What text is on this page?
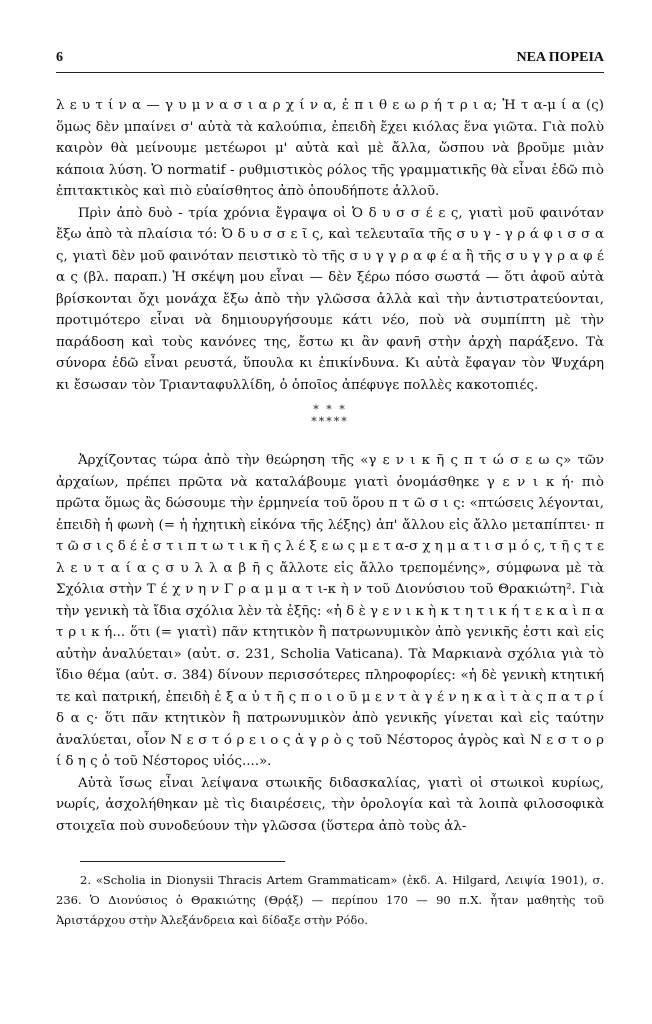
6	ΝΕΑ ΠΟΡΕΙΑ

λ ε υ τ ί ν α — γ υ μ ν α σ ι α ρ χ ί ν α, ἐ π ι θ ε ω ρ ή τ ρ ι α; Ἡ τ α-μ ί α (ς) ὅμως δὲν μπαίνει σ' αὐτὰ τὰ καλούπια, ἐπειδὴ ἔχει κιόλας ἕνα γιῶτα. Γιὰ πολὺ καιρὸν θὰ μείνουμε μετέωροι μ' αὐτὰ καὶ μὲ ἄλλα, ὥσπου νὰ βροῦμε μιὰν κάποια λύση. Ὁ normatif - ρυθμιστικὸς ρόλος τῆς γραμματικῆς θὰ εἶναι ἐδῶ πιὸ ἐπιτακτικὸς καὶ πιὸ εὐαίσθητος ἀπὸ ὁπουδήποτε ἀλλοῦ.

Πρὶν ἀπὸ δυὸ - τρία χρόνια ἔγραψα οἱ Ὀ δ υ σ σ έ ε ς, γιατὶ μοῦ φαινόταν ἔξω ἀπὸ τὰ πλαίσια τό: Ὀ δ υ σ σ ε ῖ ς, καὶ τελευταῖα τῆς σ υ γ - γ ρ ά φ ι σ σ α ς, γιατὶ δὲν μοῦ φαινόταν πειστικὸ τὸ τῆς σ υ γ γ ρ α φ έ α ἢ τῆς σ υ γ γ ρ α φ έ α ς (βλ. παραπ.) Ἡ σκέψη μου εἶναι — δὲν ξέρω πόσο σωστά — ὅτι ἀφοῦ αὐτὰ βρίσκονται ὄχι μονάχα ἔξω ἀπὸ τὴν γλῶσσα ἀλλὰ καὶ τὴν ἀντιστρατεύονται, προτιμότερο εἶναι νὰ δημιουργήσουμε κάτι νέο, ποὺ νὰ συμπίπτη μὲ τὴν παράδοση καὶ τοὺς κανόνες της, ἔστω κι ἂν φανῆ στὴν ἀρχὴ παράξενο. Τὰ σύνορα ἐδῶ εἶναι ρευστά, ὕπουλα κι ἐπικίνδυνα. Κι αὐτὰ ἔφαγαν τὸν Ψυχάρη κι ἔσωσαν τὸν Τριανταφυλλίδη, ὁ ὁποῖος ἀπέφυγε πολλὲς κακοτοπιές.

* * *
*****

Ἀρχίζοντας τώρα ἀπὸ τὴν θεώρηση τῆς «γ ε ν ι κ ῆ ς π τ ώ σ ε ω ς» τῶν ἀρχαίων, πρέπει πρῶτα νὰ καταλάβουμε γιατὶ ὀνομάσθηκε γ ε ν ι κ ή· πιὸ πρῶτα ὅμως ἂς δώσουμε τὴν ἑρμηνεία τοῦ ὅρου π τ ῶ σ ι ς: «πτώσεις λέγονται, ἐπειδὴ ἡ φωνὴ (= ἡ ἠχητικὴ εἰκόνα τῆς λέξης) ἀπ' ἄλλου εἰς ἄλλο μεταπίπτει· π τ ῶ σ ι ς δ έ ἐ σ τ ι π τ ω τ ι κ ῆ ς λ έ ξ ε ω ς μ ε τ α-σ χ η μ α τ ι σ μ ό ς, τ ῆ ς τ ε λ ε υ τ α ί α ς σ υ λ λ α β ῆ ς ἄλλοτε εἰς ἄλλο τρεπομένης», σύμφωνα μὲ τὰ Σχόλια στὴν Τ έ χ ν η ν Γ ρ α μ μ α τ ι-κ ὴ ν τοῦ Διονύσιου τοῦ Θρακιώτη². Γιὰ τὴν γενικὴ τὰ ἴδια σχόλια λὲν τὰ ἑξῆς: «ἡ δ ὲ γ ε ν ι κ ὴ κ τ η τ ι κ ή τ ε κ α ὶ π α τ ρ ι κ ή... ὅτι (= γιατὶ) πᾶν κτητικὸν ἢ πατρωνυμικὸν ἀπὸ γενικῆς ἐστι καὶ εἰς αὐτὴν ἀναλύεται» (αὐτ. σ. 231, Scholia Vaticana). Τὰ Μαρκιανὰ σχόλια γιὰ τὸ ἴδιο θέμα (αὐτ. σ. 384) δίνουν περισσότερες πληροφορίες: «ἡ δὲ γενικὴ κτητική τε καὶ πατρική, ἐπειδὴ ἐ ξ α ὐ τ ῆ ς π ο ι ο ῦ μ ε ν τ ὰ γ έ ν η κ α ὶ τ ὰ ς π α τ ρ ί δ α ς· ὅτι πᾶν κτητικὸν ἢ πατρωνυμικὸν ἀπὸ γενικῆς γίνεται καὶ εἰς ταύτην ἀναλύεται, οἷον Ν ε σ τ ό ρ ε ι ο ς ἀ γ ρ ὸ ς τοῦ Νέστορος ἀγρὸς καὶ Ν ε σ τ ο ρ ί δ η ς ὁ τοῦ Νέστορος υἱός....».

Αὐτὰ ἴσως εἶναι λείψανα στωικῆς διδασκαλίας, γιατὶ οἱ στωικοὶ κυρίως, νωρίς, ἀσχολήθηκαν μὲ τὶς διαιρέσεις, τὴν ὁρολογία καὶ τὰ λοιπὰ φιλοσοφικὰ στοιχεῖα ποὺ συνοδεύουν τὴν γλῶσσα (ὕστερα ἀπὸ τοὺς ἀλ-

2. «Scholia in Dionysii Thracis Artem Grammaticam» (ἐκδ. A. Hilgard, Λειψία 1901), σ. 236. Ὁ Διονύσιος ὁ Θρακιώτης (Θρᾴξ) — περίπου 170 — 90 π.Χ. ἦταν μαθητὴς τοῦ Ἀριστάρχου στὴν Ἀλεξάνδρεια καὶ δίδαξε στὴν Ρόδο.
